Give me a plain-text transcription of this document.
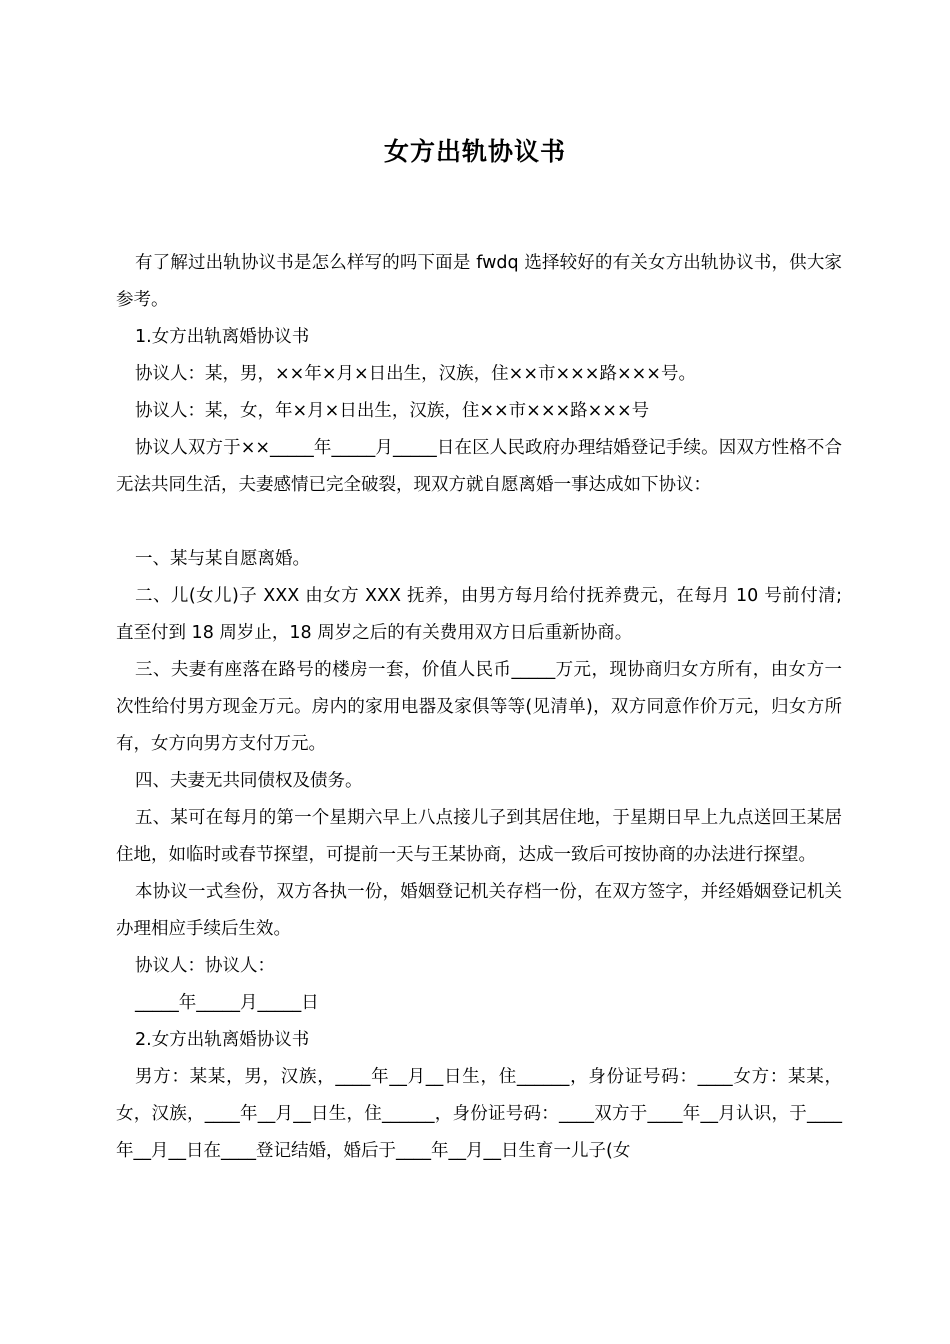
女方出轨协议书

有了解过出轨协议书是怎么样写的吗下面是 fwdq 选择较好的有关女方出轨协议书，供大家参考。

1.女方出轨离婚协议书

协议人：某，男，××年×月×日出生，汉族，住××市×××路×××号。

协议人：某，女，年×月×日出生，汉族，住××市×××路×××号

协议人双方于××_____年_____月_____日在区人民政府办理结婚登记手续。因双方性格不合无法共同生活，夫妻感情已完全破裂，现双方就自愿离婚一事达成如下协议：

一、某与某自愿离婚。

二、儿(女儿)子 XXX 由女方 XXX 抚养，由男方每月给付抚养费元，在每月 10 号前付清;直至付到 18 周岁止，18 周岁之后的有关费用双方日后重新协商。

三、夫妻有座落在路号的楼房一套，价值人民币_____万元，现协商归女方所有，由女方一次性给付男方现金万元。房内的家用电器及家俱等等(见清单)，双方同意作价万元，归女方所有，女方向男方支付万元。

四、夫妻无共同债权及债务。

五、某可在每月的第一个星期六早上八点接儿子到其居住地，于星期日早上九点送回王某居住地，如临时或春节探望，可提前一天与王某协商，达成一致后可按协商的办法进行探望。

本协议一式叁份，双方各执一份，婚姻登记机关存档一份，在双方签字，并经婚姻登记机关办理相应手续后生效。

协议人：协议人：

_____年_____月_____日

2.女方出轨离婚协议书

男方：某某，男，汉族，____年__月__日生，住______，身份证号码：____女方：某某，女，汉族，____年__月__日生，住______，身份证号码：____双方于____年__月认识，于____年__月__日在____登记结婚，婚后于____年__月__日生育一儿子(女
